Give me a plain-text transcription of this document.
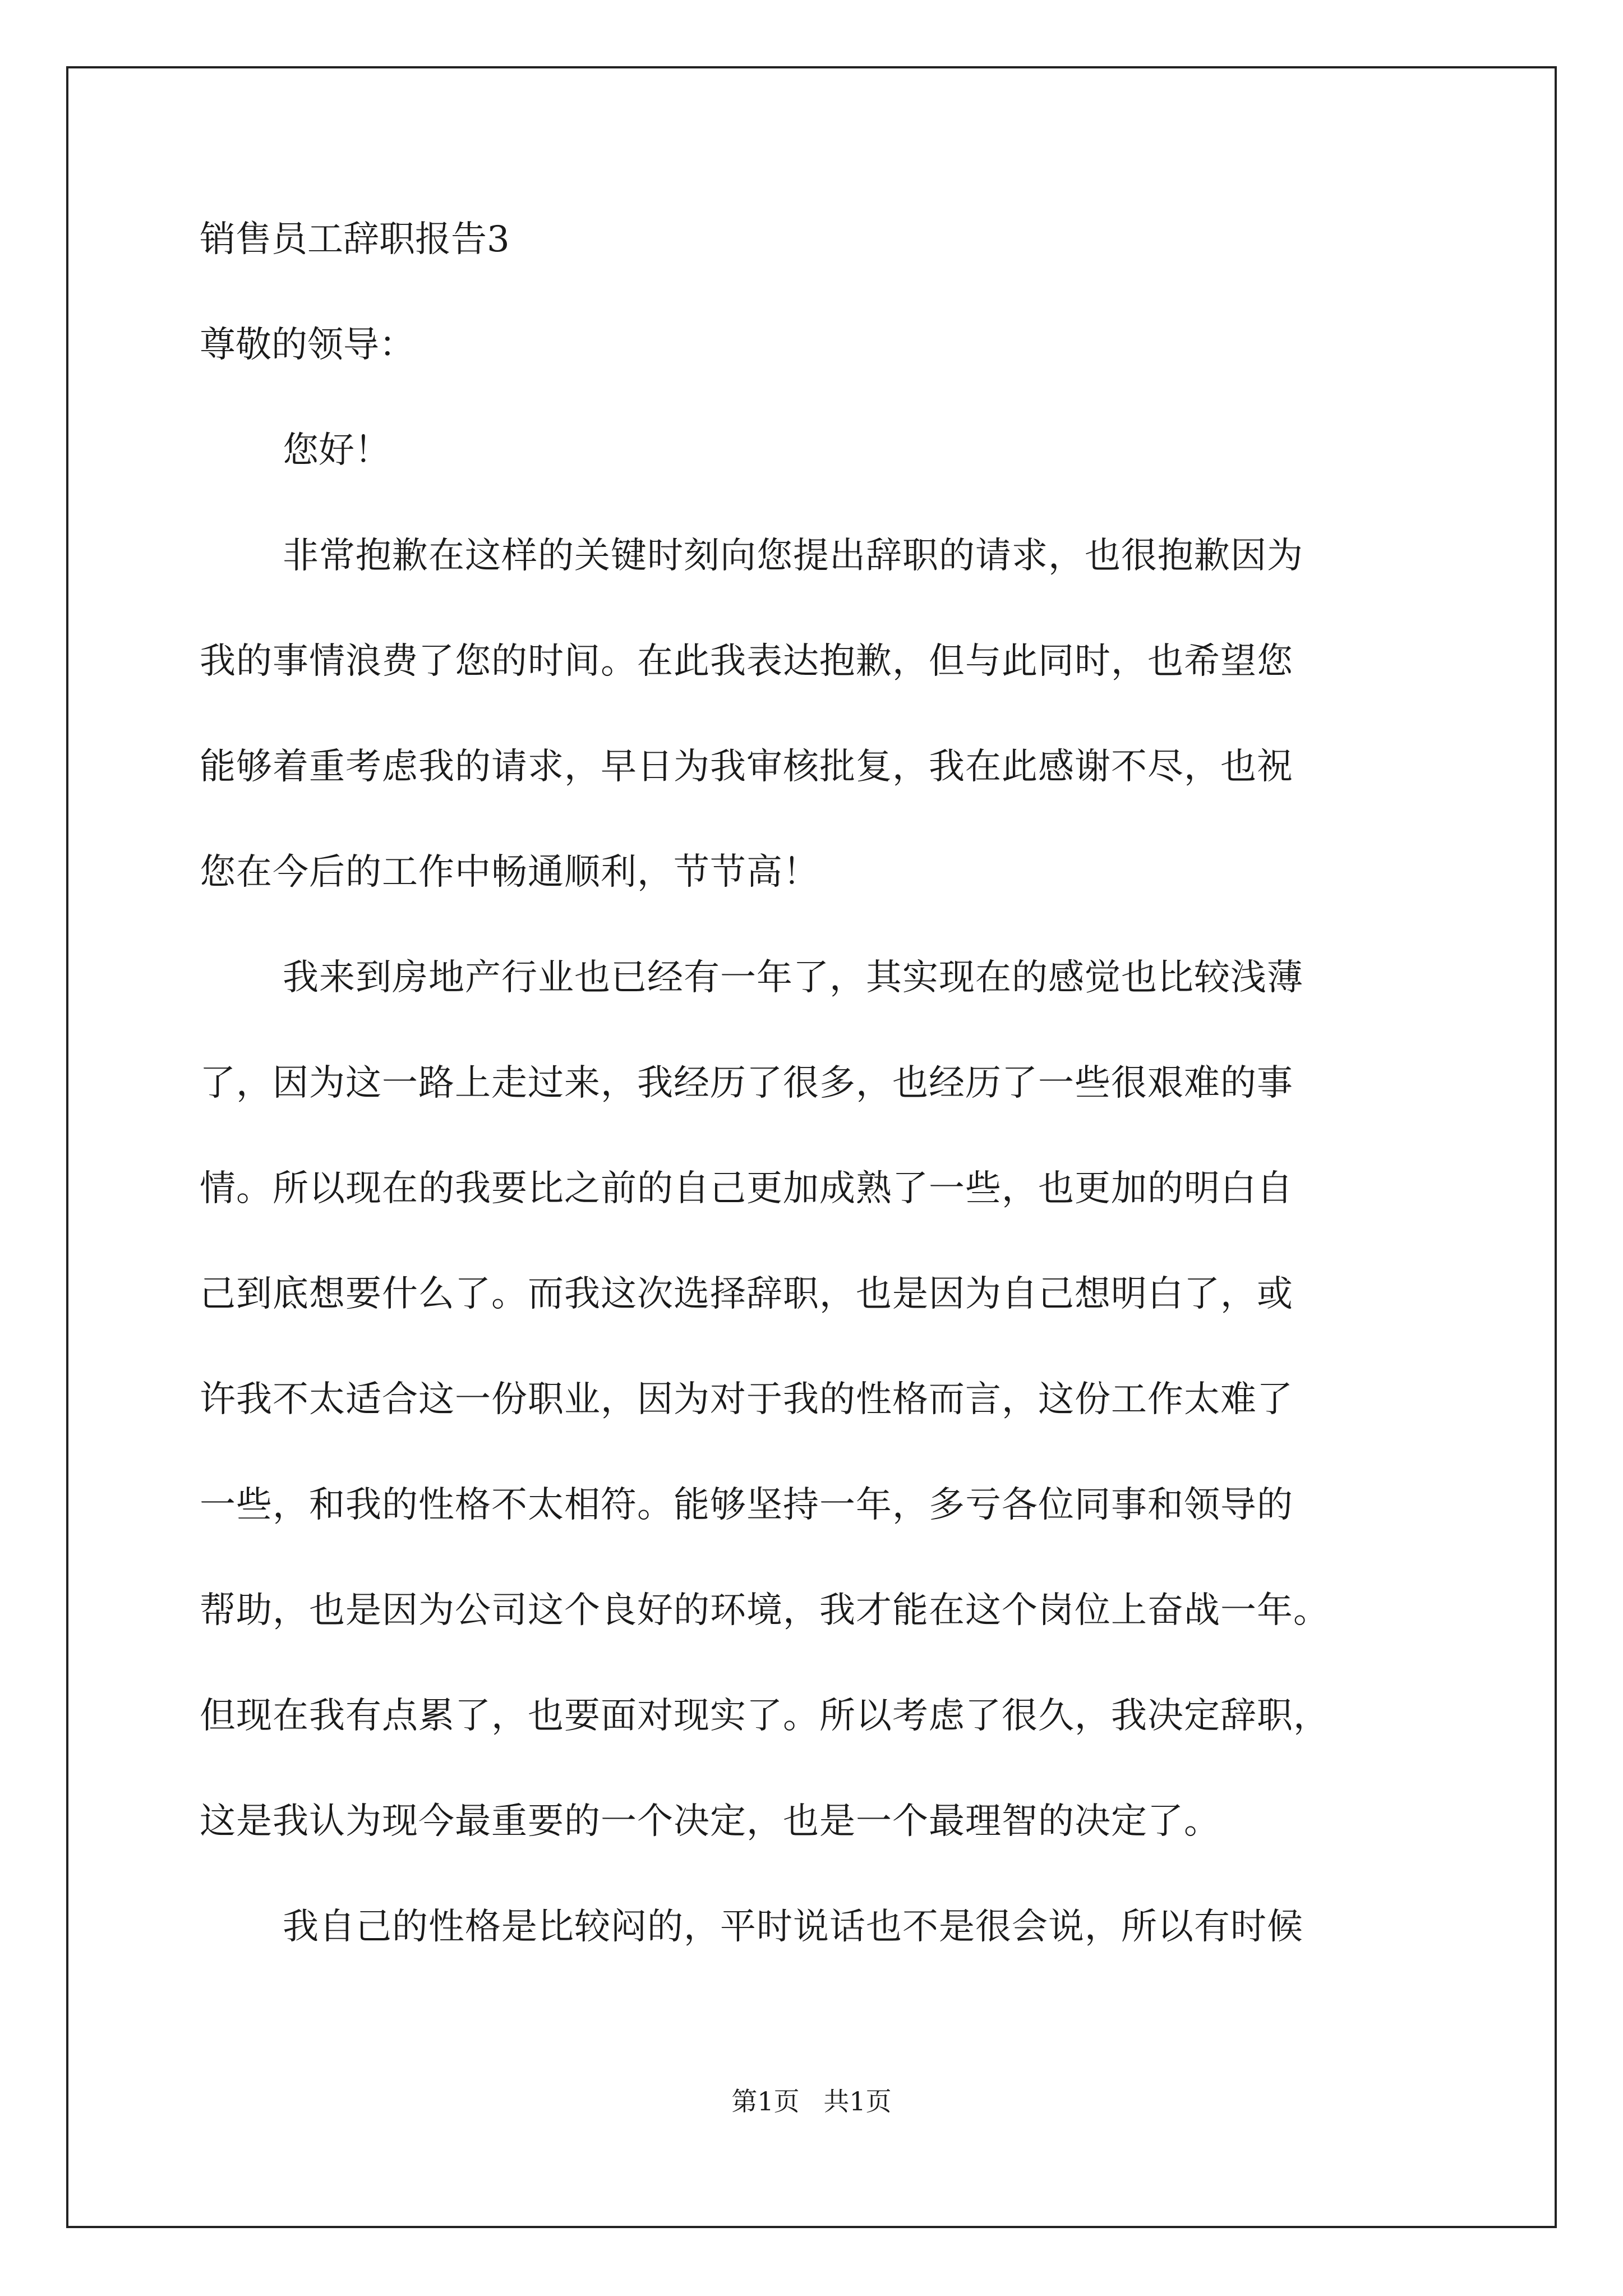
销售员工辞职报告3

尊敬的领导：

您好！

非常抱歉在这样的关键时刻向您提出辞职的请求，也很抱歉因为

我的事情浪费了您的时间。在此我表达抱歉，但与此同时，也希望您

能够着重考虑我的请求，早日为我审核批复，我在此感谢不尽，也祝

您在今后的工作中畅通顺利，节节高！

我来到房地产行业也已经有一年了，其实现在的感觉也比较浅薄

了，因为这一路上走过来，我经历了很多，也经历了一些很艰难的事

情。所以现在的我要比之前的自己更加成熟了一些，也更加的明白自

己到底想要什么了。而我这次选择辞职，也是因为自己想明白了，或

许我不太适合这一份职业，因为对于我的性格而言，这份工作太难了

一些，和我的性格不太相符。能够坚持一年，多亏各位同事和领导的

帮助，也是因为公司这个良好的环境，我才能在这个岗位上奋战一年。

但现在我有点累了，也要面对现实了。所以考虑了很久，我决定辞职，

这是我认为现今最重要的一个决定，也是一个最理智的决定了。

我自己的性格是比较闷的，平时说话也不是很会说，所以有时候

第1页 共1页
